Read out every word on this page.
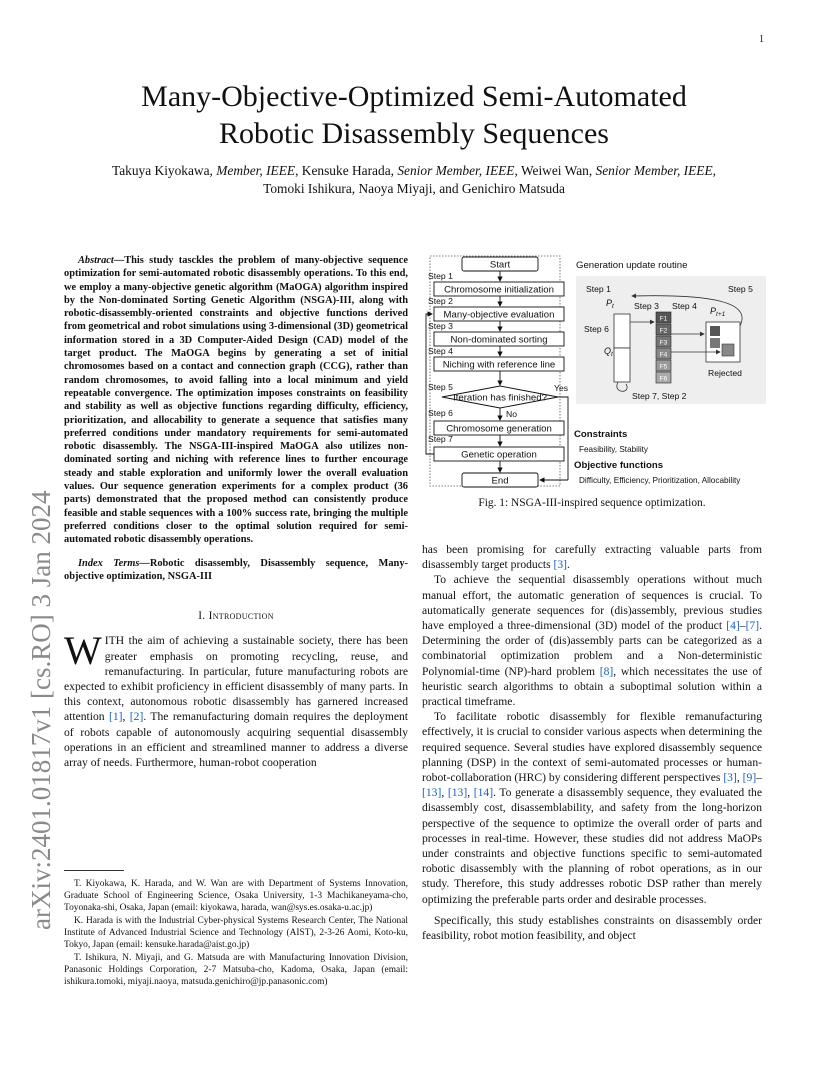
1
arXiv:2401.01817v1 [cs.RO] 3 Jan 2024
Many-Objective-Optimized Semi-Automated
Robotic Disassembly Sequences
Takuya Kiyokawa, Member, IEEE, Kensuke Harada, Senior Member, IEEE, Weiwei Wan, Senior Member, IEEE,
Tomoki Ishikura, Naoya Miyaji, and Genichiro Matsuda

Abstract—This study tasckles the problem of many-objective sequence optimization for semi-automated robotic disassembly operations. To this end, we employ a many-objective genetic algorithm (MaOGA) algorithm inspired by the Non-dominated Sorting Genetic Algorithm (NSGA)-III, along with robotic-disassembly-oriented constraints and objective functions derived from geometrical and robot simulations using 3-dimensional (3D) geometrical information stored in a 3D Computer-Aided Design (CAD) model of the target product. The MaOGA begins by generating a set of initial chromosomes based on a contact and connection graph (CCG), rather than random chromosomes, to avoid falling into a local minimum and yield repeatable convergence. The optimization imposes constraints on feasibility and stability as well as objective functions regarding difficulty, efficiency, prioritization, and allocability to generate a sequence that satisfies many preferred conditions under mandatory requirements for semi-automated robotic disassembly. The NSGA-III-inspired MaOGA also utilizes non-dominated sorting and niching with reference lines to further encourage steady and stable exploration and uniformly lower the overall evaluation values. Our sequence generation experiments for a complex product (36 parts) demonstrated that the proposed method can consistently produce feasible and stable sequences with a 100% success rate, bringing the multiple preferred conditions closer to the optimal solution required for semi-automated robotic disassembly operations.

Index Terms—Robotic disassembly, Disassembly sequence, Many-objective optimization, NSGA-III

I. Introduction

WITH the aim of achieving a sustainable society, there has been greater emphasis on promoting recycling, reuse, and remanufacturing. In particular, future manufacturing robots are expected to exhibit proficiency in efficient disassembly of many parts. In this context, autonomous robotic disassembly has garnered increased attention [1], [2]. The remanufacturing domain requires the deployment of robots capable of autonomously acquiring sequential disassembly operations in an efficient and streamlined manner to address a diverse array of needs. Furthermore, human-robot cooperation

T. Kiyokawa, K. Harada, and W. Wan are with Department of Systems Innovation, Graduate School of Engineering Science, Osaka University, 1-3 Machikaneyama-cho, Toyonaka-shi, Osaka, Japan (email: kiyokawa, harada, wan@sys.es.osaka-u.ac.jp)

K. Harada is with the Industrial Cyber-physical Systems Research Center, The National Institute of Advanced Industrial Science and Technology (AIST), 2-3-26 Aomi, Koto-ku, Tokyo, Japan (email: kensuke.harada@aist.go.jp)

T. Ishikura, N. Miyaji, and G. Matsuda are with Manufacturing Innovation Division, Panasonic Holdings Corporation, 2-7 Matsuba-cho, Kadoma, Osaka, Japan (email: ishikura.tomoki, miyaji.naoya, matsuda.genichiro@jp.panasonic.com)

Start
Step 1
Chromosome initialization
Step 2
Many-objective evaluation
Step 3
Non-dominated sorting
Step 4
Niching with reference line
Step 5
Iteration has finished?
Yes
No
Step 6
Chromosome generation
Step 7
Genetic operation
End
Generation update routine
Step 1	Step 5
Step 3 Step 4
Step 6
$P_t$	$P_{t+1}$
$Q_t$
F1
F2
F3
F4
F5
F6
Rejected
Step 7, Step 2
Constraints
Feasibility, Stability
Objective functions
Difficulty, Efficiency, Prioritization, Allocability
Fig. 1: NSGA-III-inspired sequence optimization.

has been promising for carefully extracting valuable parts from disassembly target products [3].

To achieve the sequential disassembly operations without much manual effort, the automatic generation of sequences is crucial. To automatically generate sequences for (dis)assembly, previous studies have employed a three-dimensional (3D) model of the product [4]–[7]. Determining the order of (dis)assembly parts can be categorized as a combinatorial optimization problem and a Non-deterministic Polynomial-time (NP)-hard problem [8], which necessitates the use of heuristic search algorithms to obtain a suboptimal solution within a practical timeframe.

To facilitate robotic disassembly for flexible remanufacturing effectively, it is crucial to consider various aspects when determining the required sequence. Several studies have explored disassembly sequence planning (DSP) in the context of semi-automated processes or human-robot-collaboration (HRC) by considering different perspectives [3], [9]–[13], [13], [14]. To generate a disassembly sequence, they evaluated the disassembly cost, disassemblability, and safety from the long-horizon perspective of the sequence to optimize the overall order of parts and processes in real-time. However, these studies did not address MaOPs under constraints and objective functions specific to semi-automated robotic disassembly with the planning of robot operations, as in our study. Therefore, this study addresses robotic DSP rather than merely optimizing the preferable parts order and desirable processes.

Specifically, this study establishes constraints on disassembly order feasibility, robot motion feasibility, and object
